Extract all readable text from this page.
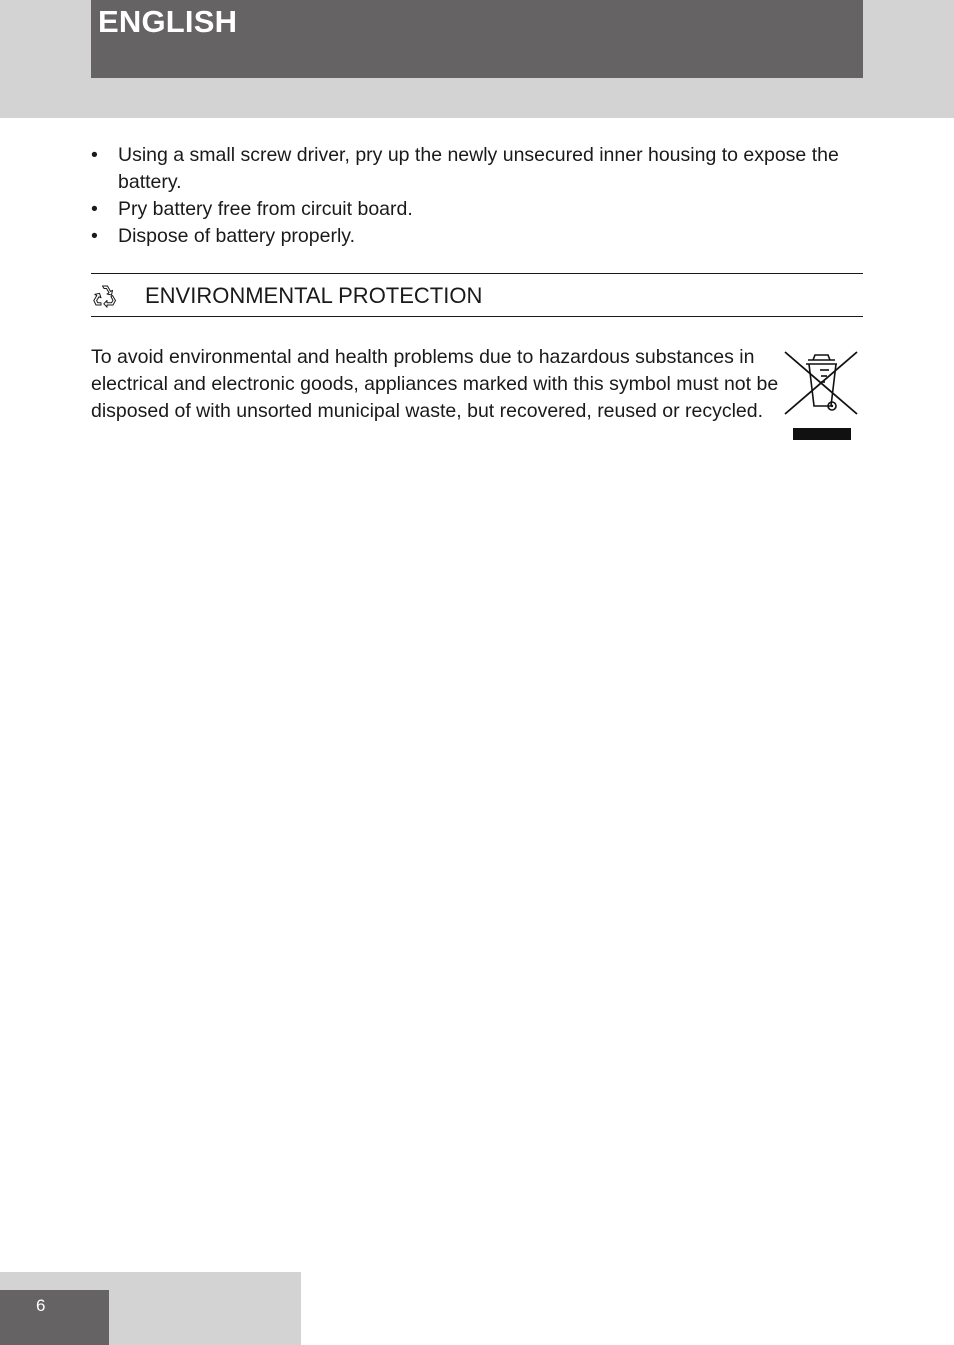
ENGLISH
• Using a small screw driver, pry up the newly unsecured inner housing to expose the battery.
• Pry battery free from circuit board.
• Dispose of battery properly.
ENVIRONMENTAL PROTECTION

To avoid environmental and health problems due to hazardous substances in electrical and electronic goods, appliances marked with this symbol must not be disposed of with unsorted municipal waste, but recovered, reused or recycled.

6
